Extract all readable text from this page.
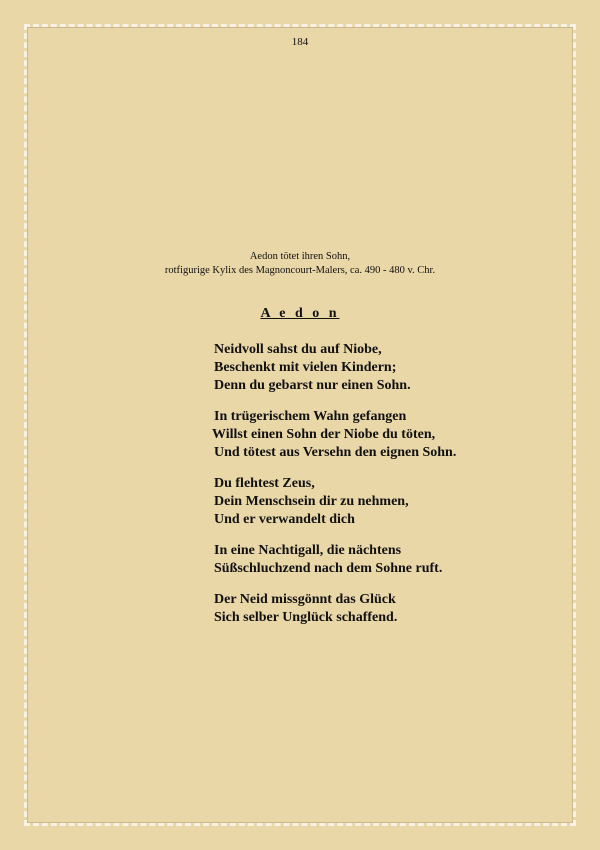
184
Aedon tötet ihren Sohn,
rotfigurige Kylix des Magnoncourt-Malers, ca. 490 - 480 v. Chr.
A e d o n
Neidvoll sahst du auf Niobe,
Beschenkt mit vielen Kindern;
Denn du gebarst nur einen Sohn.
In trügerischem Wahn gefangen
Willst einen Sohn der Niobe du töten,
Und tötest aus Versehn den eignen Sohn.
Du flehtest Zeus,
Dein Menschsein dir zu nehmen,
Und er verwandelt dich
In eine Nachtigall, die nächtens
Süßschluchzend nach dem Sohne ruft.
Der Neid missgönnt das Glück
Sich selber Unglück schaffend.
